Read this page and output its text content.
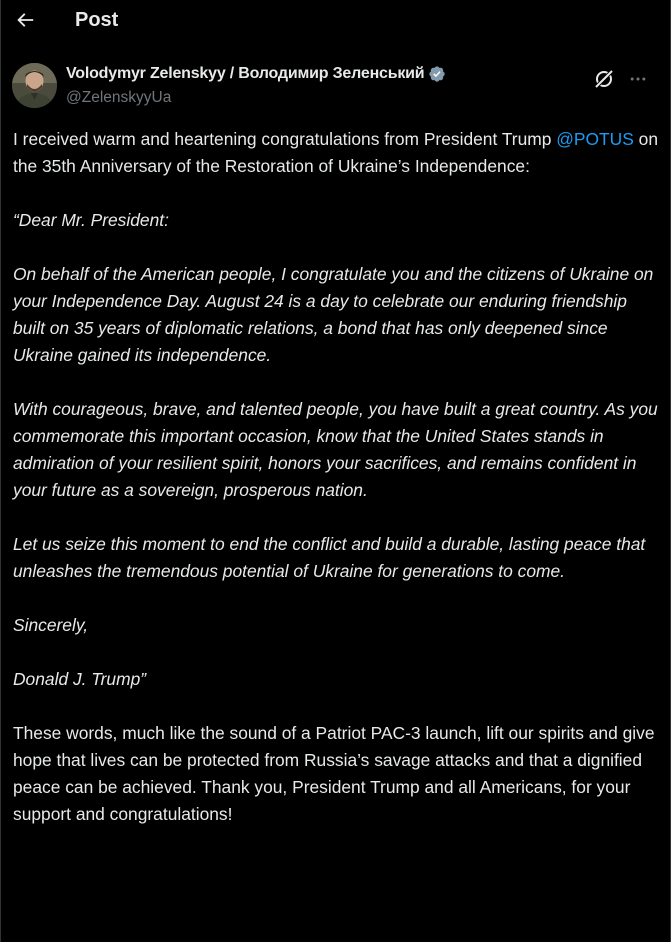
Post
Volodymyr Zelenskyy / Володимир Зеленський
@ZelenskyyUa

I received warm and heartening congratulations from President Trump @POTUS on the 35th Anniversary of the Restoration of Ukraine’s Independence:

“Dear Mr. President:

On behalf of the American people, I congratulate you and the citizens of Ukraine on your Independence Day. August 24 is a day to celebrate our enduring friendship built on 35 years of diplomatic relations, a bond that has only deepened since Ukraine gained its independence.

With courageous, brave, and talented people, you have built a great country. As you commemorate this important occasion, know that the United States stands in admiration of your resilient spirit, honors your sacrifices, and remains confident in your future as a sovereign, prosperous nation.

Let us seize this moment to end the conflict and build a durable, lasting peace that unleashes the tremendous potential of Ukraine for generations to come.

Sincerely,

Donald J. Trump”

These words, much like the sound of a Patriot PAC-3 launch, lift our spirits and give hope that lives can be protected from Russia’s savage attacks and that a dignified peace can be achieved. Thank you, President Trump and all Americans, for your support and congratulations!
